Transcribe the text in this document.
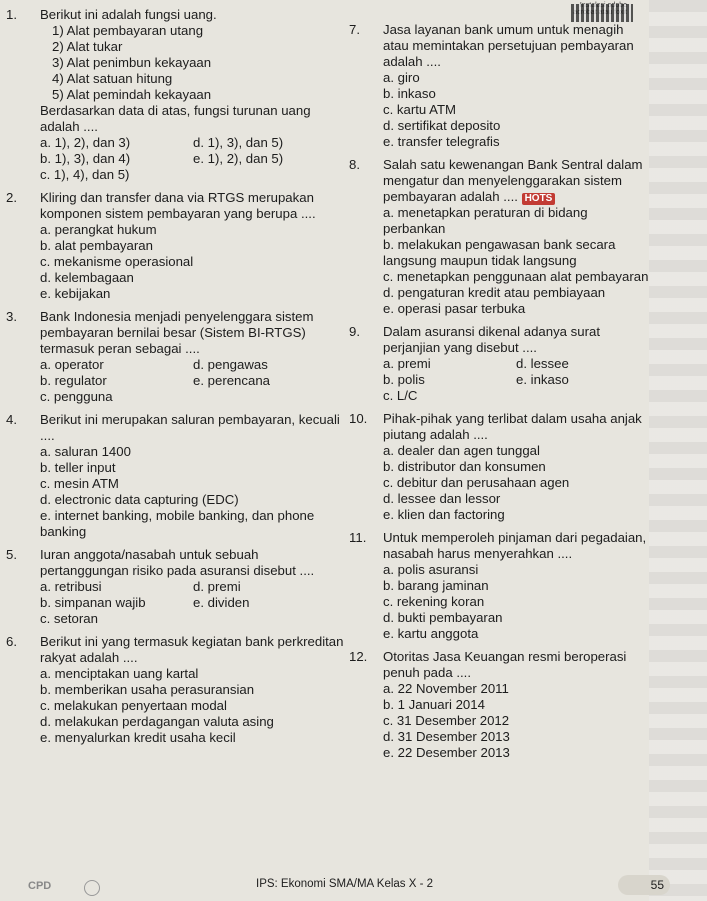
1.	Berikut ini adalah fungsi uang.
1) Alat pembayaran utang
2) Alat tukar
3) Alat penimbun kekayaan
4) Alat satuan hitung
5) Alat pemindah kekayaan
Berdasarkan data di atas, fungsi turunan uang adalah ....
a. 1), 2), dan 3)	d. 1), 3), dan 5)
b. 1), 3), dan 4)	e. 1), 2), dan 5)
c. 1), 4), dan 5)
2.	Kliring dan transfer dana via RTGS merupakan komponen sistem pembayaran yang berupa ....
a. perangkat hukum
b. alat pembayaran
c. mekanisme operasional
d. kelembagaan
e. kebijakan
3.	Bank Indonesia menjadi penyelenggara sistem pembayaran bernilai besar (Sistem BI-RTGS) termasuk peran sebagai ....
a. operator	d. pengawas
b. regulator	e. perencana
c. pengguna
4.	Berikut ini merupakan saluran pembayaran, kecuali ....
a. saluran 1400
b. teller input
c. mesin ATM
d. electronic data capturing (EDC)
e. internet banking, mobile banking, dan phone banking
5.	Iuran anggota/nasabah untuk sebuah pertanggungan risiko pada asuransi disebut ....
a. retribusi	d. premi
b. simpanan wajib	e. dividen
c. setoran
6.	Berikut ini yang termasuk kegiatan bank perkreditan rakyat adalah ....
a. menciptakan uang kartal
b. memberikan usaha perasuransian
c. melakukan penyertaan modal
d. melakukan perdagangan valuta asing
e. menyalurkan kredit usaha kecil
7.	Jasa layanan bank umum untuk menagih atau memintakan persetujuan pembayaran adalah ....
a. giro
b. inkaso
c. kartu ATM
d. sertifikat deposito
e. transfer telegrafis
8.	Salah satu kewenangan Bank Sentral dalam mengatur dan menyelenggarakan sistem pembayaran adalah .... HOTS
a. menetapkan peraturan di bidang perbankan
b. melakukan pengawasan bank secara langsung maupun tidak langsung
c. menetapkan penggunaan alat pembayaran
d. pengaturan kredit atau pembiayaan
e. operasi pasar terbuka
9.	Dalam asuransi dikenal adanya surat perjanjian yang disebut ....
a. premi	d. lessee
b. polis	e. inkaso
c. L/C
10.	Pihak-pihak yang terlibat dalam usaha anjak piutang adalah ....
a. dealer dan agen tunggal
b. distributor dan konsumen
c. debitur dan perusahaan agen
d. lessee dan lessor
e. klien dan factoring
11.	Untuk memperoleh pinjaman dari pegadaian, nasabah harus menyerahkan ....
a. polis asuransi
b. barang jaminan
c. rekening koran
d. bukti pembayaran
e. kartu anggota
12.	Otoritas Jasa Keuangan resmi beroperasi penuh pada ....
a. 22 November 2011
b. 1 Januari 2014
c. 31 Desember 2012
d. 31 Desember 2013
e. 22 Desember 2013
CPD	IPS: Ekonomi SMA/MA Kelas X - 2	55
